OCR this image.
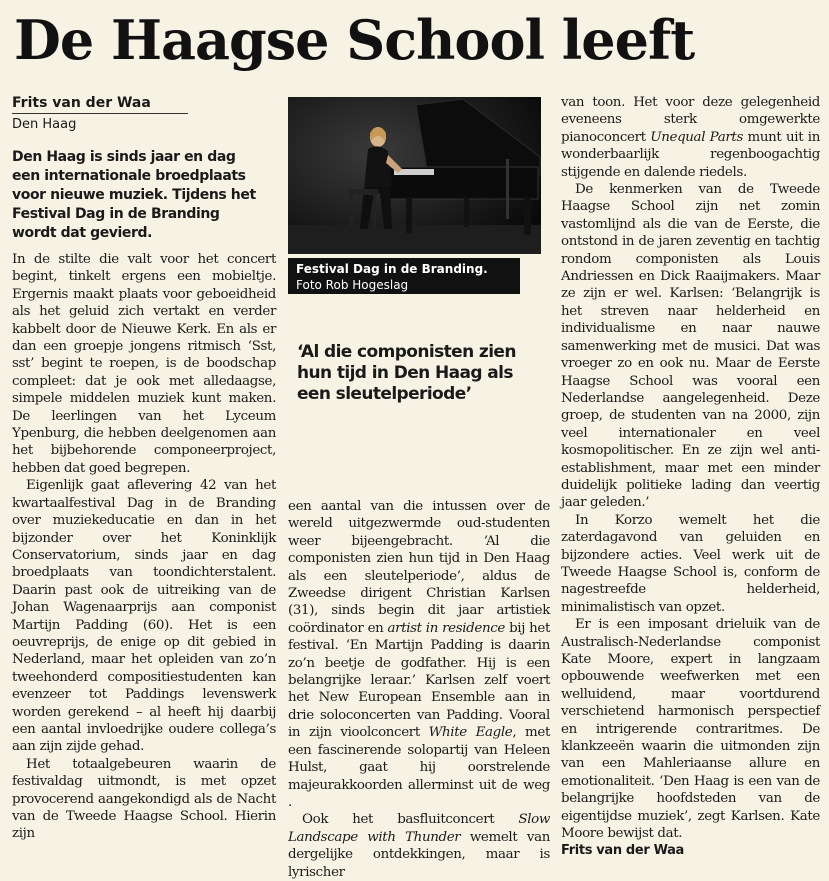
De Haagse School leeft
Frits van der Waa
Den Haag
Den Haag is sinds jaar en dag een internationale broedplaats voor nieuwe muziek. Tijdens het Festival Dag in de Branding wordt dat gevierd.

In de stilte die valt voor het concert begint, tinkelt ergens een mobieltje. Ergernis maakt plaats voor geboeidheid als het geluid zich vertakt en verder kabbelt door de Nieuwe Kerk. En als er dan een groepje jongens ritmisch ‘Sst, sst’ begint te roepen, is de boodschap compleet: dat je ook met alledaagse, simpele middelen muziek kunt maken. De leerlingen van het Lyceum Ypenburg, die hebben deelgenomen aan het bijbehorende componeerproject, hebben dat goed begrepen.

Eigenlijk gaat aflevering 42 van het kwartaalfestival Dag in de Branding over muziekeducatie en dan in het bijzonder over het Koninklijk Conservatorium, sinds jaar en dag broedplaats van toondichterstalent. Daarin past ook de uitreiking van de Johan Wagenaarprijs aan componist Martijn Padding (60). Het is een oeuvreprijs, de enige op dit gebied in Nederland, maar het opleiden van zo’n tweehonderd compositiestudenten kan evenzeer tot Paddings levenswerk worden gerekend – al heeft hij daarbij een aantal invloedrijke oudere collega’s aan zijn zijde gehad.

Het totaalgebeuren waarin de festivaldag uitmondt, is met opzet provocerend aangekondigd als de Nacht van de Tweede Haagse School. Hierin zijn

Festival Dag in de Branding.
Foto Rob Hogeslag
‘Al die componisten zien hun tijd in Den Haag als een sleutelperiode’

een aantal van die intussen over de wereld uitgezwermde oud-studenten weer bijeengebracht. ‘Al die componisten zien hun tijd in Den Haag als een sleutelperiode’, aldus de Zweedse dirigent Christian Karlsen (31), sinds begin dit jaar artistiek coördinator en artist in residence bij het festival. ‘En Martijn Padding is daarin zo’n beetje de godfather. Hij is een belangrijke leraar.’ Karlsen zelf voert het New European Ensemble aan in drie soloconcerten van Padding. Vooral in zijn vioolconcert White Eagle, met een fascinerende solopartij van Heleen Hulst, gaat hij oorstrelende majeurakkoorden allerminst uit de weg .

Ook het basfluitconcert Slow Landscape with Thunder wemelt van dergelijke ontdekkingen, maar is lyrischer

van toon. Het voor deze gelegenheid eveneens sterk omgewerkte pianoconcert Unequal Parts munt uit in wonderbaarlijk regenboogachtig stijgende en dalende riedels.

De kenmerken van de Tweede Haagse School zijn net zomin vastomlijnd als die van de Eerste, die ontstond in de jaren zeventig en tachtig rondom componisten als Louis Andriessen en Dick Raaijmakers. Maar ze zijn er wel. Karlsen: ‘Belangrijk is het streven naar helderheid en individualisme en naar nauwe samenwerking met de musici. Dat was vroeger zo en ook nu. Maar de Eerste Haagse School was vooral een Nederlandse aangelegenheid. Deze groep, de studenten van na 2000, zijn veel internationaler en veel kosmopolitischer. En ze zijn wel anti-establishment, maar met een minder duidelijk politieke lading dan veertig jaar geleden.’

In Korzo wemelt het die zaterdagavond van geluiden en bijzondere acties. Veel werk uit de Tweede Haagse School is, conform de nagestreefde helderheid, minimalistisch van opzet.

Er is een imposant drieluik van de Australisch-Nederlandse componist Kate Moore, expert in langzaam opbouwende weefwerken met een welluidend, maar voortdurend verschietend harmonisch perspectief en intrigerende contraritmes. De klankzeeën waarin die uitmonden zijn van een Mahleriaanse allure en emotionaliteit. ‘Den Haag is een van de belangrijke hoofdsteden van de eigentijdse muziek’, zegt Karlsen. Kate Moore bewijst dat.

Frits van der Waa
